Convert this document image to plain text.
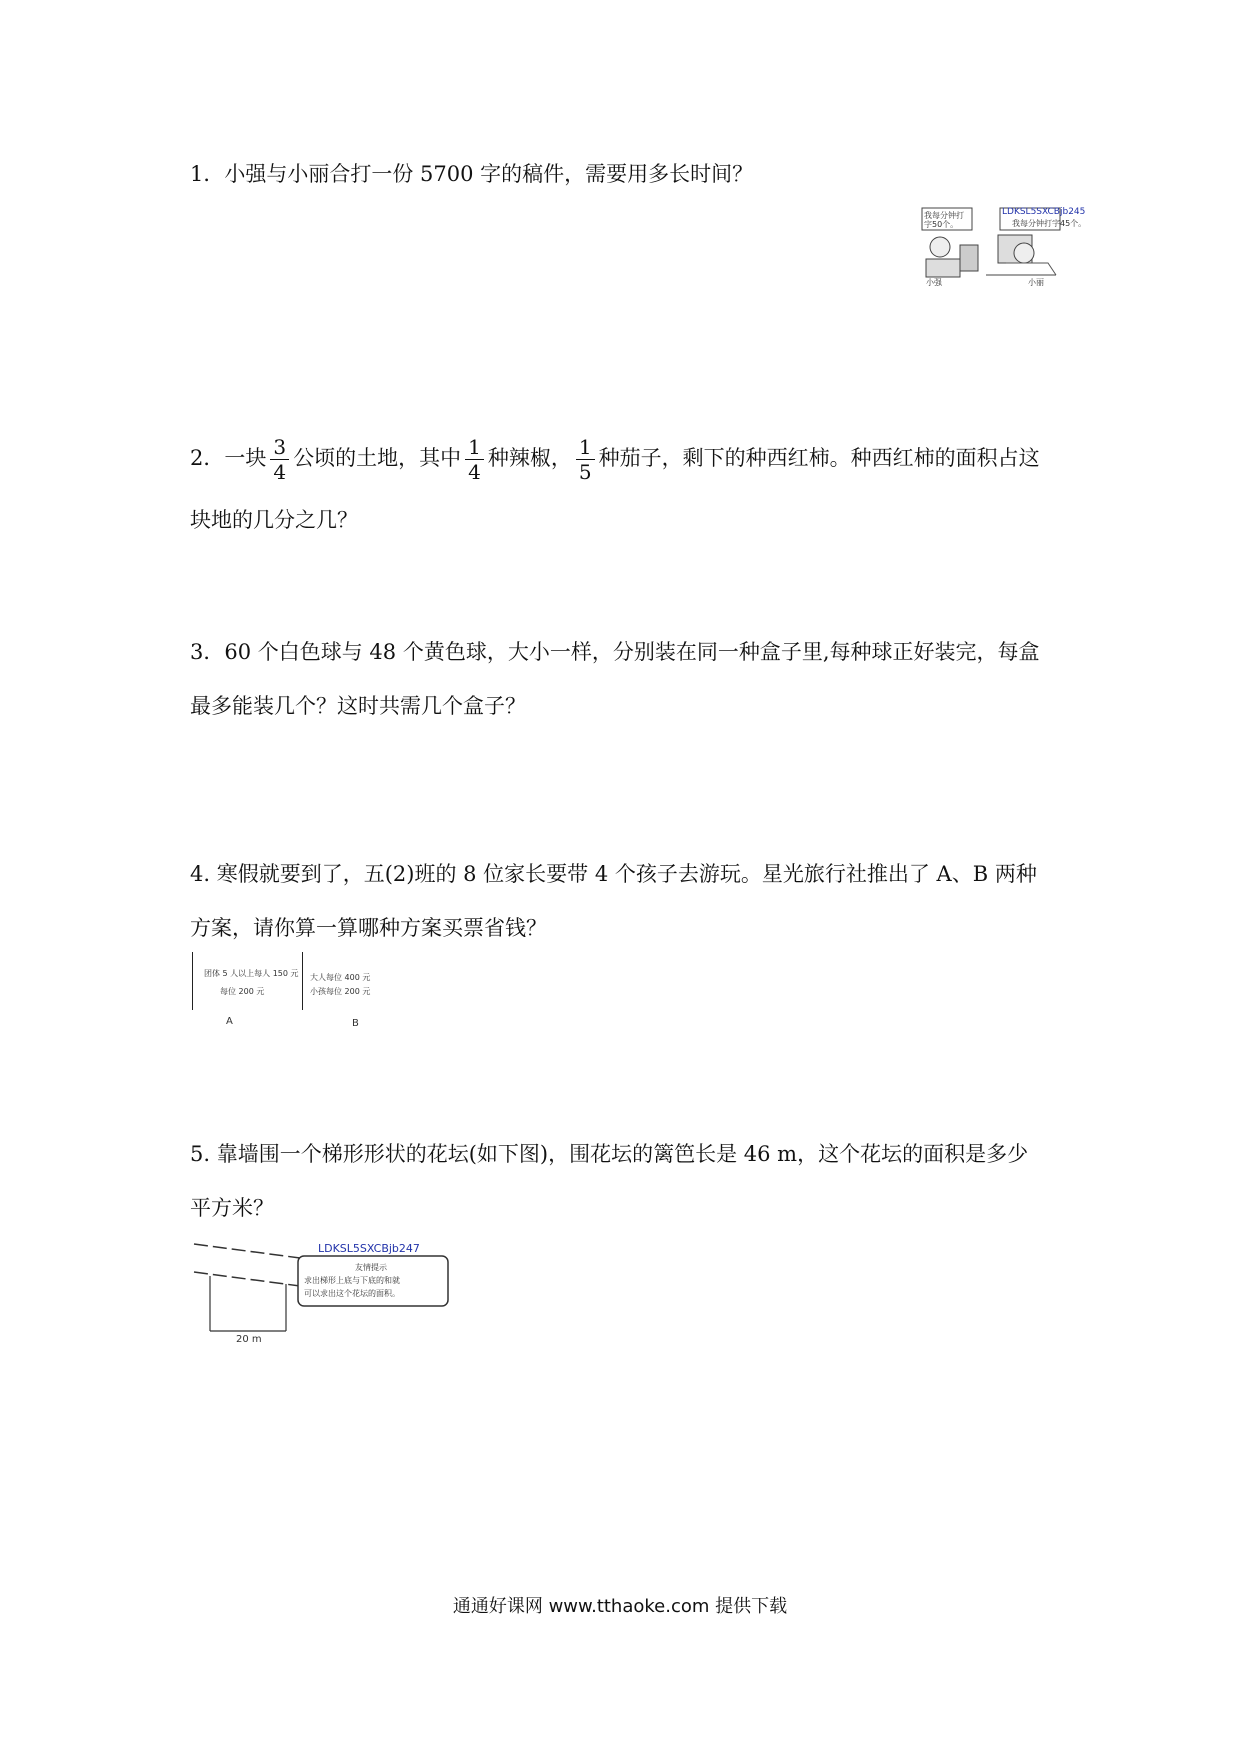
1．小强与小丽合打一份 5700 字的稿件，需要用多长时间？
我每分钟打字50个。
LDKSL5SXCBjb245
我每分钟打字45个。
小强	小丽
2．一块 $\frac{3}{4}$ 公顷的土地，其中 $\frac{1}{4}$ 种辣椒， $\frac{1}{5}$ 种茄子，剩下的种西红柿。种西红柿的面积占这
块地的几分之几？
3．60 个白色球与 48 个黄色球，大小一样，分别装在同一种盒子里,每种球正好装完，每盒
最多能装几个？这时共需几个盒子？
4. 寒假就要到了，五(2)班的 8 位家长要带 4 个孩子去游玩。星光旅行社推出了 A、B 两种
方案，请你算一算哪种方案买票省钱？
团体 5 人以上每人 150 元
每位 200 元
A
大人每位 400 元
小孩每位 200 元
B
5. 靠墙围一个梯形形状的花坛(如下图)，围花坛的篱笆长是 46 m，这个花坛的面积是多少
平方米？
LDKSL5SXCBjb247
友情提示
求出梯形上底与下底的和就
可以求出这个花坛的面积。
20 m
通通好课网 www.tthaoke.com 提供下载
